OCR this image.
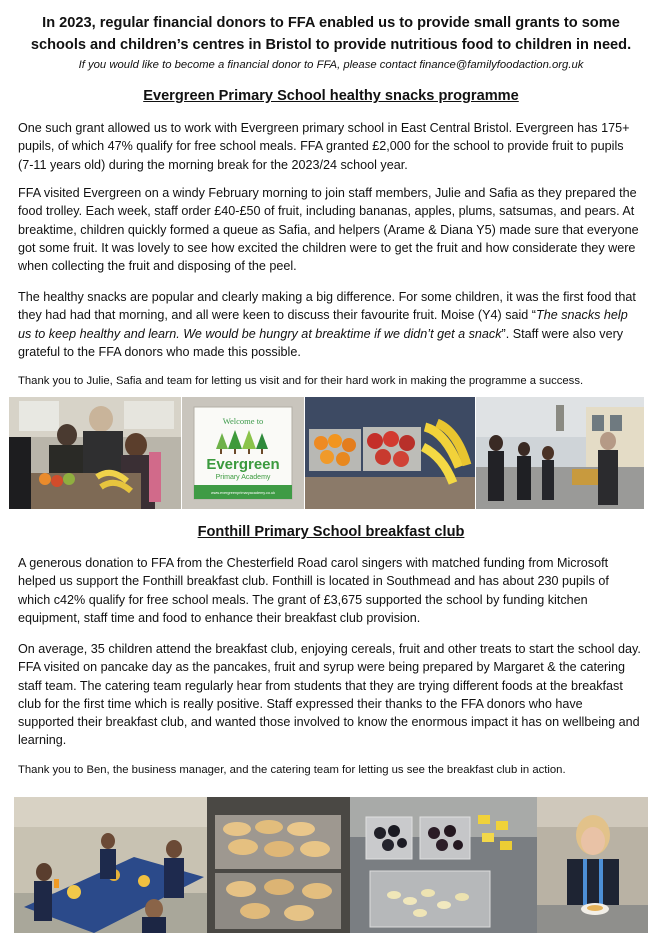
In 2023, regular financial donors to FFA enabled us to provide small grants to some
schools and children’s centres in Bristol to provide nutritious food to children in need.
If you would like to become a financial donor to FFA, please contact finance@familyfoodaction.org.uk
Evergreen Primary School healthy snacks programme
One such grant allowed us to work with Evergreen primary school in East Central Bristol. Evergreen has 175+ pupils, of which 47% qualify for free school meals. FFA granted £2,000 for the school to provide fruit to pupils (7-11 years old) during the morning break for the 2023/24 school year.
FFA visited Evergreen on a windy February morning to join staff members, Julie and Safia as they prepared the food trolley. Each week, staff order £40-£50 of fruit, including bananas, apples, plums, satsumas, and pears. At breaktime, children quickly formed a queue as Safia, and helpers (Arame & Diana Y5) made sure that everyone got some fruit. It was lovely to see how excited the children were to get the fruit and how considerate they were when collecting the fruit and disposing of the peel.
The healthy snacks are popular and clearly making a big difference. For some children, it was the first food that they had had that morning, and all were keen to discuss their favourite fruit. Moise (Y4) said “The snacks help us to keep healthy and learn. We would be hungry at breaktime if we didn’t get a snack”. Staff were also very grateful to the FFA donors who made this possible.
Thank you to Julie, Safia and team for letting us visit and for their hard work in making the programme a success.
Welcome to
Evergreen
Primary Academy
www.evergreenprimaryacademy.co.uk
Fonthill Primary School breakfast club
A generous donation to FFA from the Chesterfield Road carol singers with matched funding from Microsoft helped us support the Fonthill breakfast club. Fonthill is located in Southmead and has about 230 pupils of which c42% qualify for free school meals. The grant of £3,675 supported the school by funding kitchen equipment, staff time and food to enhance their breakfast club provision.
On average, 35 children attend the breakfast club, enjoying cereals, fruit and other treats to start the school day. FFA visited on pancake day as the pancakes, fruit and syrup were being prepared by Margaret & the catering staff team. The catering team regularly hear from students that they are trying different foods at the breakfast club for the first time which is really positive. Staff expressed their thanks to the FFA donors who have supported their breakfast club, and wanted those involved to know the enormous impact it has on wellbeing and learning.
Thank you to Ben, the business manager, and the catering team for letting us see the breakfast club in action.
